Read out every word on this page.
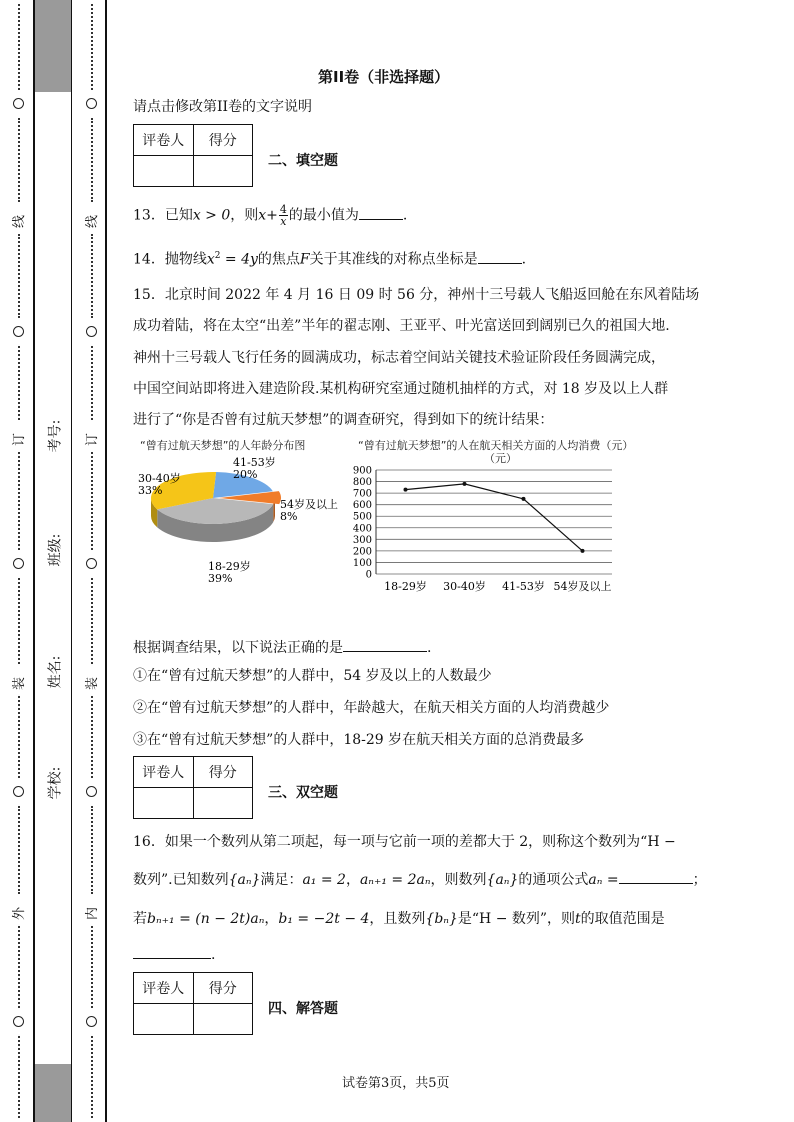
考号:
班级:
姓名:
学校:
第II卷（非选择题）
请点击修改第II卷的文字说明
评卷人	得分

二、填空题
13．已知x > 0，则$x+ \frac{4}{x}$的最小值为	.
14．抛物线$x^2 = 4y$的焦点F关于其准线的对称点坐标是	.
15．北京时间 2022 年 4 月 16 日 09 时 56 分，神州十三号载人飞船返回舱在东风着陆场
成功着陆，将在太空“出差”半年的翟志刚、王亚平、叶光富送回到阔别已久的祖国大地.
神州十三号载人飞行任务的圆满成功，标志着空间站关键技术验证阶段任务圆满完成，
中国空间站即将进入建造阶段.某机构研究室通过随机抽样的方式，对 18 岁及以上人群
进行了“你是否曾有过航天梦想”的调查研究，得到如下的统计结果：
“曾有过航天梦想”的人年龄分布图
41-53岁
20%
54岁及以上
8%
18-29岁
39%
30-40岁
33%
“曾有过航天梦想”的人在航天相关方面的人均消费（元）
（元）
0
100
200
300
400
500
600
700
800
900
18-29岁 30-40岁 41-53岁 54岁及以上
根据调查结果，以下说法正确的是	.
①在“曾有过航天梦想”的人群中，54 岁及以上的人数最少
②在“曾有过航天梦想”的人群中，年龄越大，在航天相关方面的人均消费越少
③在“曾有过航天梦想”的人群中，18-29 岁在航天相关方面的总消费最多
评卷人	得分

三、双空题
16．如果一个数列从第二项起，每一项与它前一项的差都大于 2，则称这个数列为“H −
数列”.已知数列{aₙ}满足：a₁ = 2，aₙ₊₁ = 2aₙ，则数列{aₙ}的通项公式aₙ =	；
若bₙ₊₁ = (n − 2t)aₙ，b₁ = −2t − 4，且数列{bₙ}是“H − 数列”，则t的取值范围是
.
评卷人	得分

四、解答题
试卷第3页，共5页
线
订
装
外
线
订
装
内
